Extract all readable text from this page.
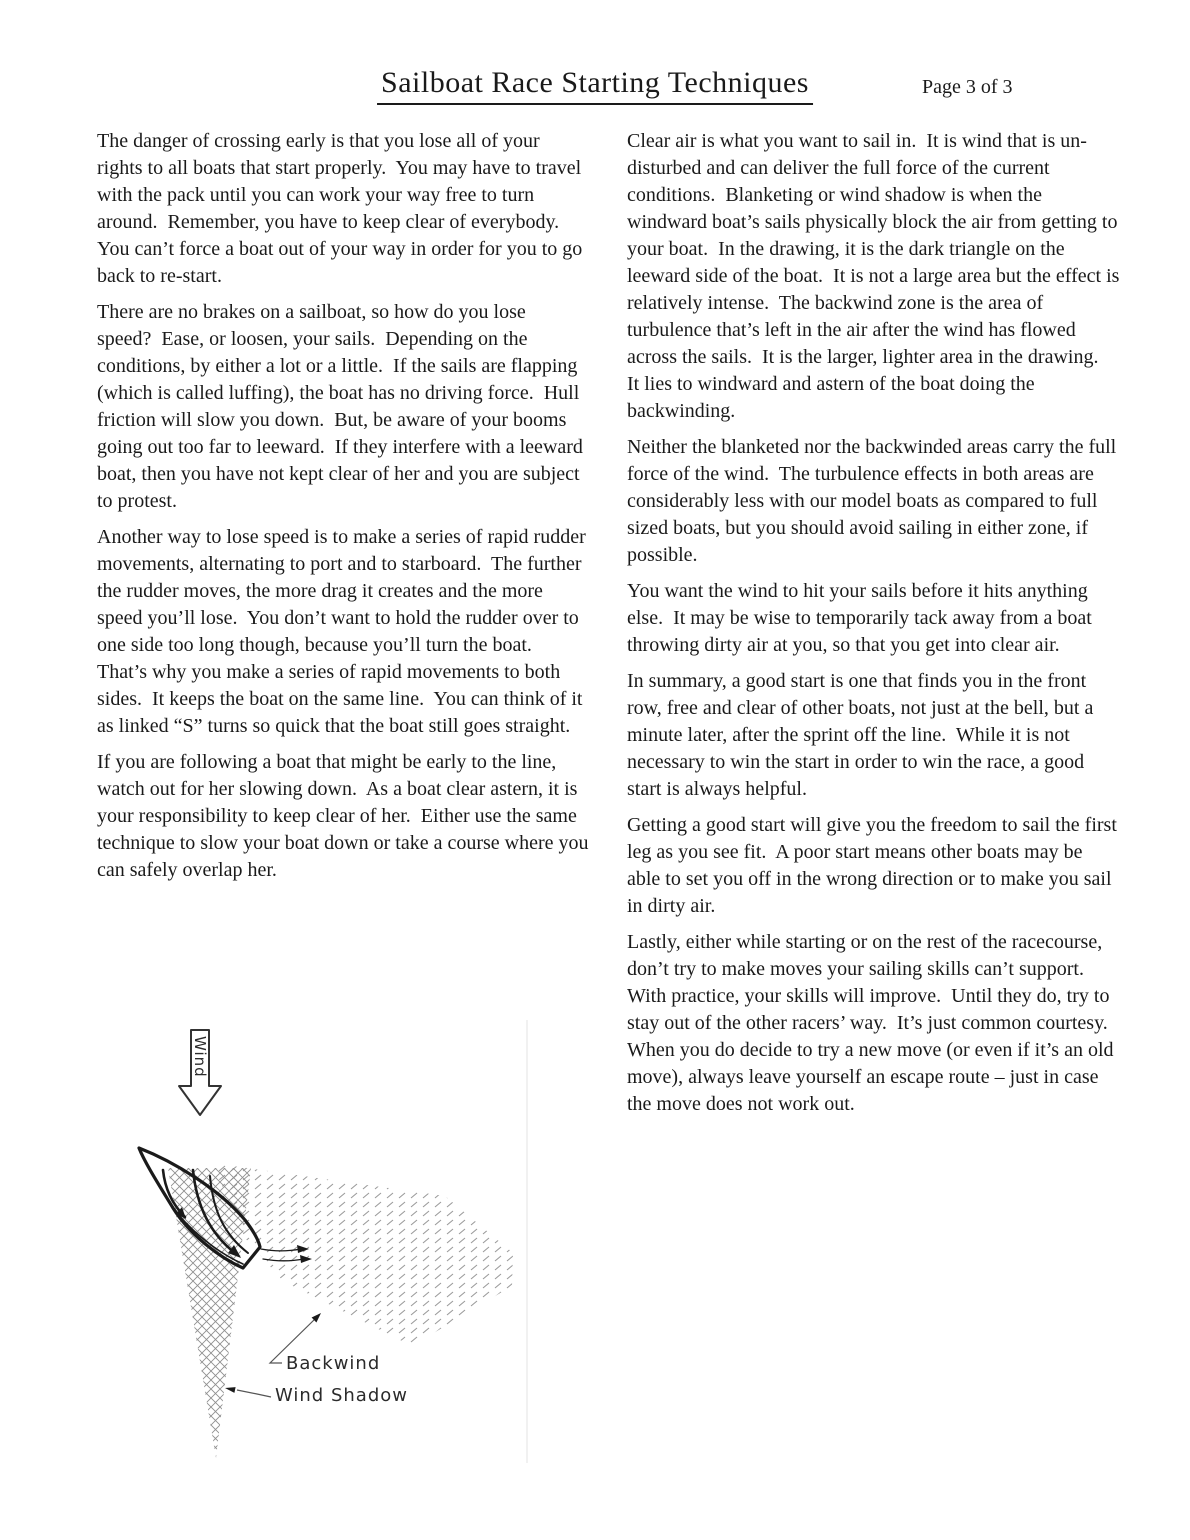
Sailboat Race Starting Techniques	Page 3 of 3

The danger of crossing early is that you lose all of your rights to all boats that start properly.  You may have to travel with the pack until you can work your way free to turn around.  Remember, you have to keep clear of everybody.  You can’t force a boat out of your way in order for you to go back to re-start.

There are no brakes on a sailboat, so how do you lose speed?  Ease, or loosen, your sails.  Depending on the conditions, by either a lot or a little.  If the sails are flapping (which is called luffing), the boat has no driving force.  Hull friction will slow you down.  But, be aware of your booms going out too far to leeward.  If they interfere with a leeward boat, then you have not kept clear of her and you are subject to protest.

Another way to lose speed is to make a series of rapid rudder movements, alternating to port and to starboard.  The further the rudder moves, the more drag it creates and the more speed you’ll lose.  You don’t want to hold the rudder over to one side too long though, because you’ll turn the boat.  That’s why you make a series of rapid movements to both sides.  It keeps the boat on the same line.  You can think of it as linked “S” turns so quick that the boat still goes straight.

If you are following a boat that might be early to the line, watch out for her slowing down.  As a boat clear astern, it is your responsibility to keep clear of her.  Either use the same technique to slow your boat down or take a course where you can safely overlap her.

Clear air is what you want to sail in.  It is wind that is un-disturbed and can deliver the full force of the current conditions.  Blanketing or wind shadow is when the windward boat’s sails physically block the air from getting to your boat.  In the drawing, it is the dark triangle on the leeward side of the boat.  It is not a large area but the effect is relatively intense.  The backwind zone is the area of turbulence that’s left in the air after the wind has flowed across the sails.  It is the larger, lighter area in the drawing.  It lies to windward and astern of the boat doing the backwinding.

Neither the blanketed nor the backwinded areas carry the full force of the wind.  The turbulence effects in both areas are considerably less with our model boats as compared to full sized boats, but you should avoid sailing in either zone, if possible.

You want the wind to hit your sails before it hits anything else.  It may be wise to temporarily tack away from a boat throwing dirty air at you, so that you get into clear air.

In summary, a good start is one that finds you in the front row, free and clear of other boats, not just at the bell, but a minute later, after the sprint off the line.  While it is not necessary to win the start in order to win the race, a good start is always helpful.

Getting a good start will give you the freedom to sail the first leg as you see fit.  A poor start means other boats may be able to set you off in the wrong direction or to make you sail in dirty air.

Lastly, either while starting or on the rest of the racecourse, don’t try to make moves your sailing skills can’t support.  With practice, your skills will improve.  Until they do, try to stay out of the other racers’ way.  It’s just common courtesy.  When you do decide to try a new move (or even if it’s an old move), always leave yourself an escape route – just in case the move does not work out.

Wind
Backwind
Wind Shadow
